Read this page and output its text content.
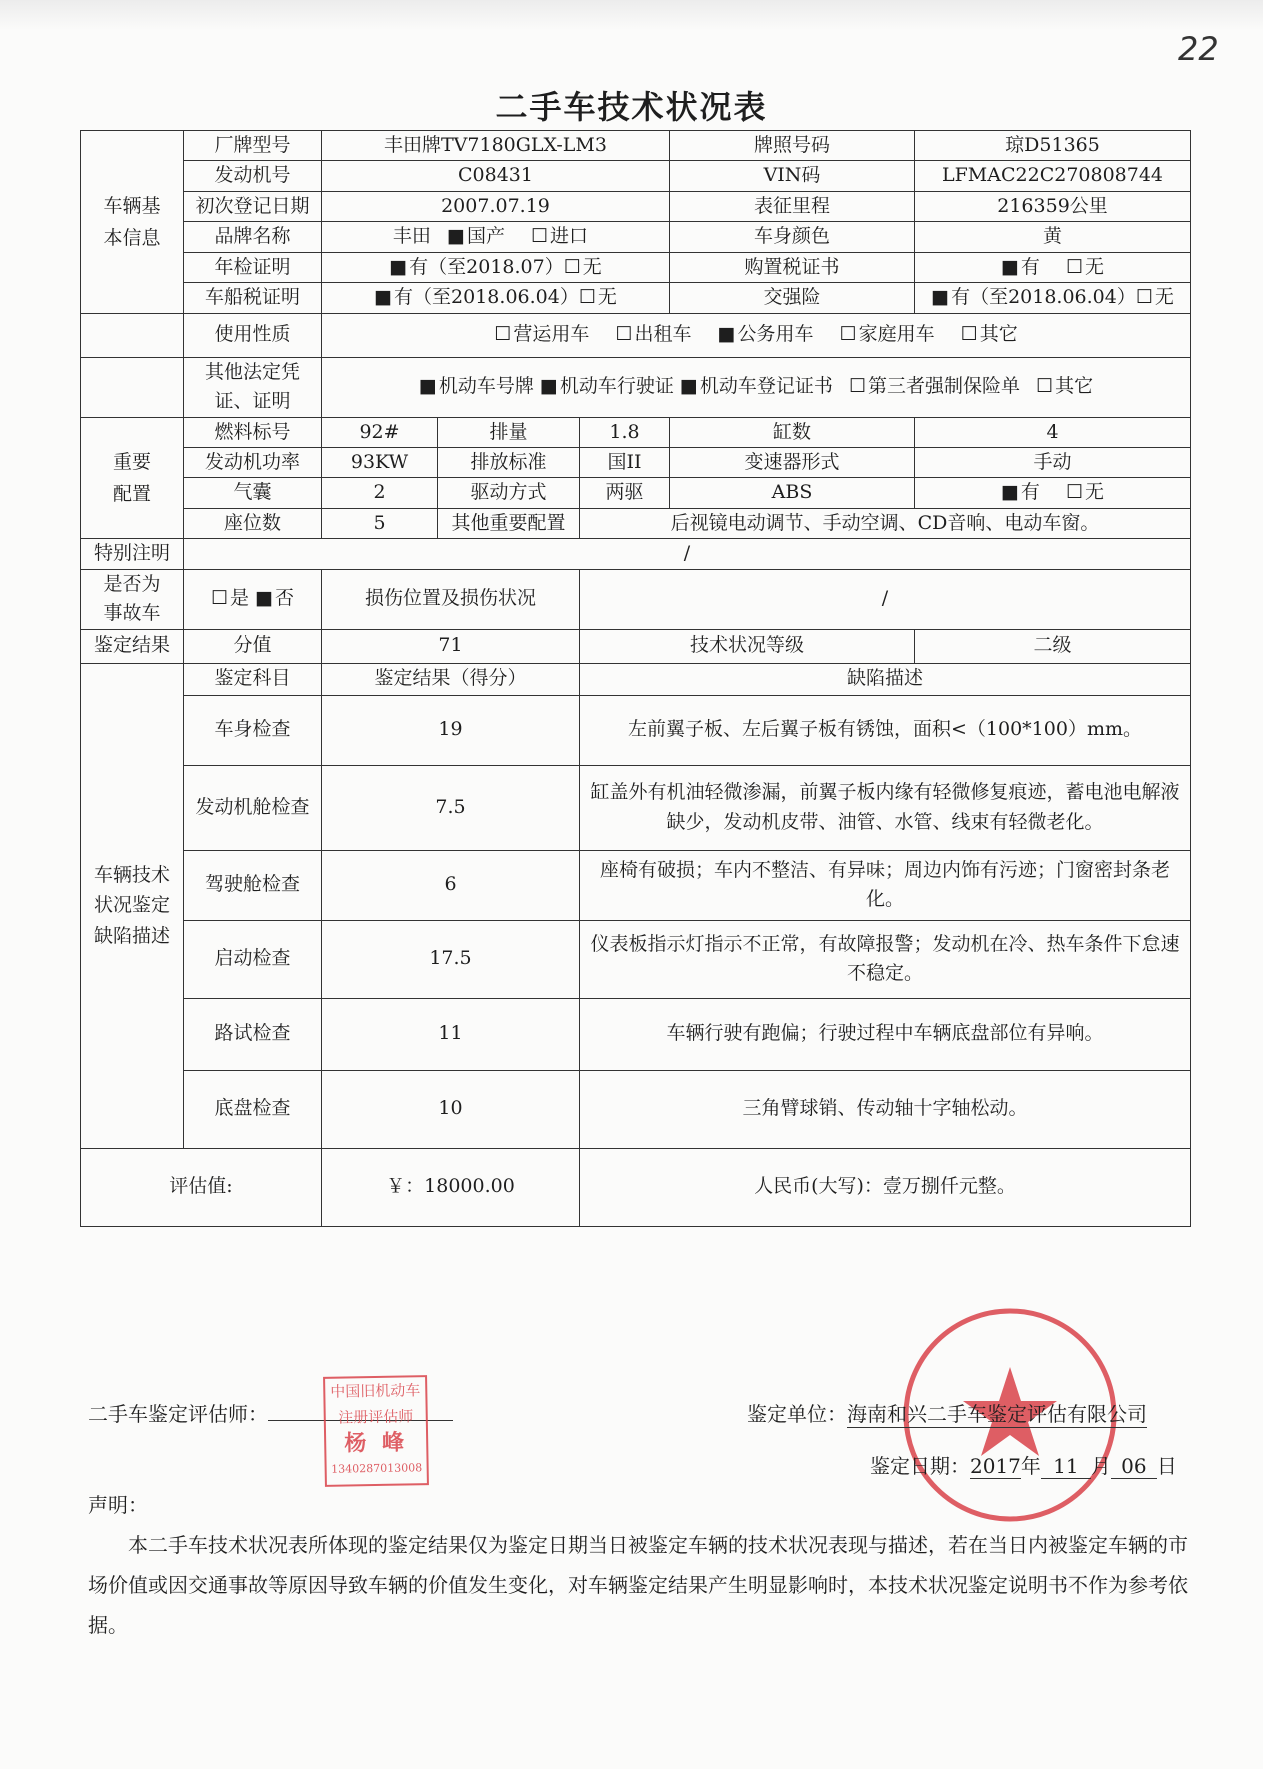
22
二手车技术状况表
车辆基本信息	厂牌型号	丰田牌TV7180GLX-LM3			牌照号码	琼D51365
	发动机号	C08431			VIN码	LFMAC22C270808744
	初次登记日期	2007.07.19			表征里程	216359公里
	品牌名称	丰田 ■ 国产 ☐ 进口			车身颜色	黄
	年检证明	■ 有（至2018.07）☐ 无			购置税证书	■ 有 ☐ 无
	车船税证明	■ 有（至2018.06.04）☐ 无			交强险	■ 有（至2018.06.04）☐ 无
	使用性质	☐ 营运用车 ☐ 出租车 ■ 公务用车 ☐ 家庭用车 ☐ 其它				
	其他法定凭证、证明	■ 机动车号牌 ■ 机动车行驶证 ■ 机动车登记证书 ☐ 第三者强制保险单 ☐ 其它				
重要配置	燃料标号	92#	排量	1.8	缸数	4
	发动机功率	93KW	排放标准	国II	变速器形式	手动
	气囊	2	驱动方式	两驱	ABS	■ 有 ☐ 无
	座位数	5	其他重要配置	后视镜电动调节、手动空调、CD音响、电动车窗。		
特别注明	/					
是否为事故车	☐ 是 ■ 否	损伤位置及损伤状况		/		
鉴定结果	分值	71		技术状况等级		二级
车辆技术状况鉴定缺陷描述	鉴定科目	鉴定结果（得分）		缺陷描述		
	车身检查	19		左前翼子板、左后翼子板有锈蚀，面积<（100*100）mm。		
	发动机舱检查	7.5		缸盖外有机油轻微渗漏，前翼子板内缘有轻微修复痕迹，蓄电池电解液缺少，发动机皮带、油管、水管、线束有轻微老化。		
	驾驶舱检查	6		座椅有破损；车内不整洁、有异味；周边内饰有污迹；门窗密封条老化。		
	启动检查	17.5		仪表板指示灯指示不正常，有故障报警；发动机在冷、热车条件下怠速不稳定。		
	路试检查	11		车辆行驶有跑偏；行驶过程中车辆底盘部位有异响。		
	底盘检查	10		三角臂球销、传动轴十字轴松动。		
评估值:		￥：18000.00		人民币(大写)：壹万捌仟元整。		
二手车鉴定评估师：
中国旧机动车
注册评估师
杨 峰
1340287013008
鉴定单位：海南和兴二手车鉴定评估有限公司
鉴定日期：2017年 11 月 06 日
声明：

本二手车技术状况表所体现的鉴定结果仅为鉴定日期当日被鉴定车辆的技术状况表现与描述，若在当日内被鉴定车辆的市场价值或因交通事故等原因导致车辆的价值发生变化，对车辆鉴定结果产生明显影响时，本技术状况鉴定说明书不作为参考依据。
